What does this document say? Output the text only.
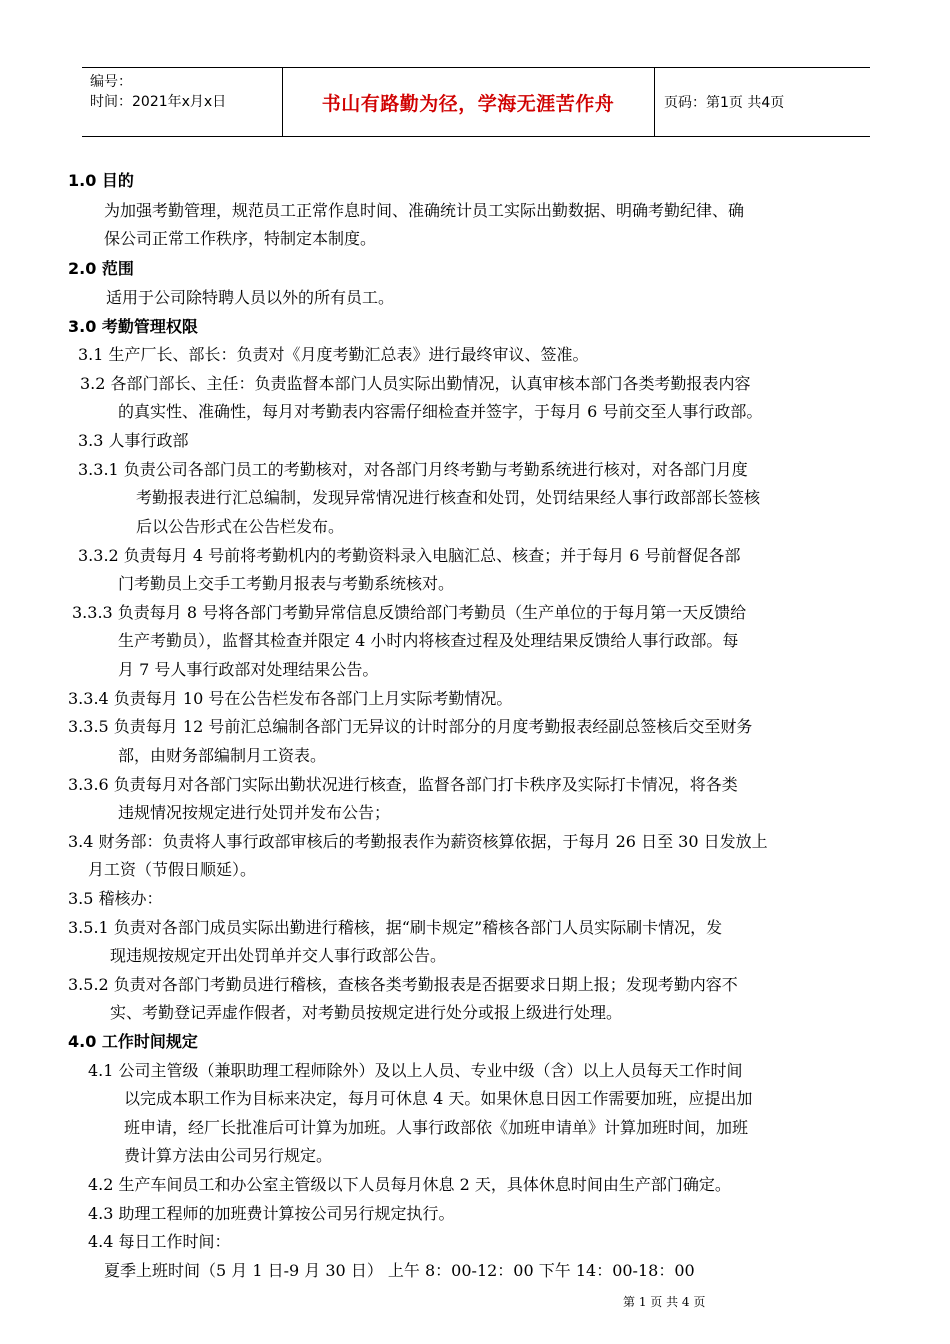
编号：
时间：2021年x月x日	书山有路勤为径，学海无涯苦作舟	页码：第1页 共4页
1.0 目的
为加强考勤管理，规范员工正常作息时间、准确统计员工实际出勤数据、明确考勤纪律、确
保公司正常工作秩序，特制定本制度。
2.0 范围
适用于公司除特聘人员以外的所有员工。
3.0 考勤管理权限
3.1 生产厂长、部长：负责对《月度考勤汇总表》进行最终审议、签准。
3.2 各部门部长、主任：负责监督本部门人员实际出勤情况，认真审核本部门各类考勤报表内容
的真实性、准确性，每月对考勤表内容需仔细检查并签字，于每月 6 号前交至人事行政部。
3.3 人事行政部
3.3.1 负责公司各部门员工的考勤核对，对各部门月终考勤与考勤系统进行核对，对各部门月度
考勤报表进行汇总编制，发现异常情况进行核查和处罚，处罚结果经人事行政部部长签核
后以公告形式在公告栏发布。
3.3.2 负责每月 4 号前将考勤机内的考勤资料录入电脑汇总、核查；并于每月 6 号前督促各部
门考勤员上交手工考勤月报表与考勤系统核对。
3.3.3 负责每月 8 号将各部门考勤异常信息反馈给部门考勤员（生产单位的于每月第一天反馈给
生产考勤员），监督其检查并限定 4 小时内将核查过程及处理结果反馈给人事行政部。每
月 7 号人事行政部对处理结果公告。
3.3.4 负责每月 10 号在公告栏发布各部门上月实际考勤情况。
3.3.5 负责每月 12 号前汇总编制各部门无异议的计时部分的月度考勤报表经副总签核后交至财务
部，由财务部编制月工资表。
3.3.6 负责每月对各部门实际出勤状况进行核查，监督各部门打卡秩序及实际打卡情况，将各类
违规情况按规定进行处罚并发布公告；
3.4 财务部：负责将人事行政部审核后的考勤报表作为薪资核算依据，于每月 26 日至 30 日发放上
月工资（节假日顺延）。
3.5 稽核办：
3.5.1 负责对各部门成员实际出勤进行稽核，据“刷卡规定”稽核各部门人员实际刷卡情况，发
现违规按规定开出处罚单并交人事行政部公告。
3.5.2 负责对各部门考勤员进行稽核，查核各类考勤报表是否据要求日期上报；发现考勤内容不
实、考勤登记弄虚作假者，对考勤员按规定进行处分或报上级进行处理。
4.0 工作时间规定
4.1 公司主管级（兼职助理工程师除外）及以上人员、专业中级（含）以上人员每天工作时间
以完成本职工作为目标来决定，每月可休息 4 天。如果休息日因工作需要加班，应提出加
班申请，经厂长批准后可计算为加班。人事行政部依《加班申请单》计算加班时间，加班
费计算方法由公司另行规定。
4.2 生产车间员工和办公室主管级以下人员每月休息 2 天，具体休息时间由生产部门确定。
4.3 助理工程师的加班费计算按公司另行规定执行。
4.4 每日工作时间：
夏季上班时间（5 月 1 日-9 月 30 日） 上午 8：00-12：00 下午 14：00-18：00
第 1 页 共 4 页
